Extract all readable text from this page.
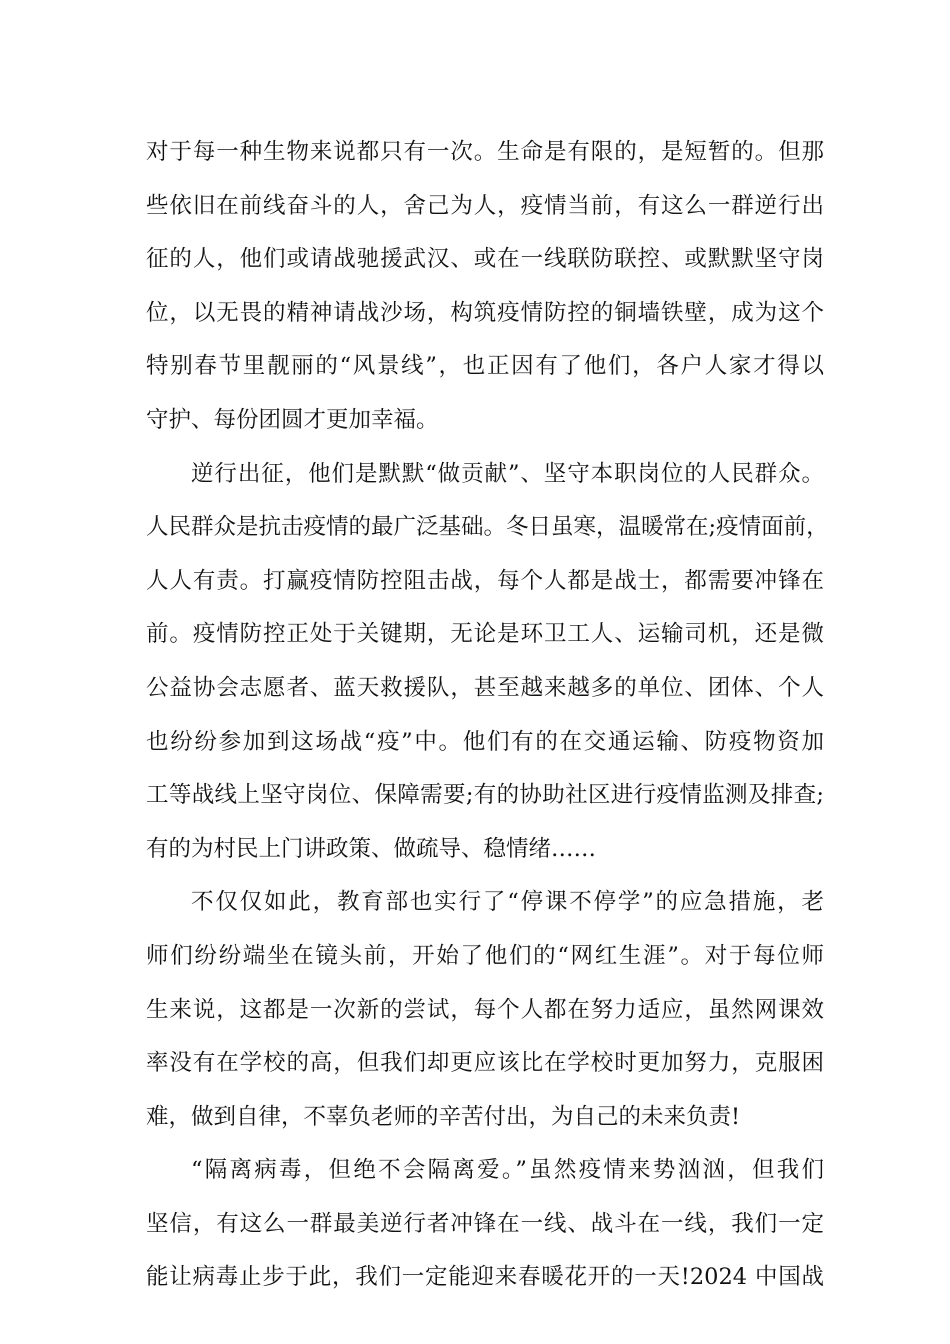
对于每一种生物来说都只有一次。生命是有限的，是短暂的。但那
些依旧在前线奋斗的人，舍己为人，疫情当前，有这么一群逆行出
征的人，他们或请战驰援武汉、或在一线联防联控、或默默坚守岗
位，以无畏的精神请战沙场，构筑疫情防控的铜墙铁壁，成为这个
特别春节里靓丽的“风景线”，也正因有了他们，各户人家才得以
守护、每份团圆才更加幸福。
逆行出征，他们是默默“做贡献”、坚守本职岗位的人民群众。
人民群众是抗击疫情的最广泛基础。冬日虽寒，温暖常在;疫情面前，
人人有责。打赢疫情防控阻击战，每个人都是战士，都需要冲锋在
前。疫情防控正处于关键期，无论是环卫工人、运输司机，还是微
公益协会志愿者、蓝天救援队，甚至越来越多的单位、团体、个人
也纷纷参加到这场战“疫”中。他们有的在交通运输、防疫物资加
工等战线上坚守岗位、保障需要;有的协助社区进行疫情监测及排查;
有的为村民上门讲政策、做疏导、稳情绪……
不仅仅如此，教育部也实行了“停课不停学”的应急措施，老
师们纷纷端坐在镜头前，开始了他们的“网红生涯”。对于每位师
生来说，这都是一次新的尝试，每个人都在努力适应，虽然网课效
率没有在学校的高，但我们却更应该比在学校时更加努力，克服困
难，做到自律，不辜负老师的辛苦付出，为自己的未来负责!
“隔离病毒，但绝不会隔离爱。”虽然疫情来势汹汹，但我们
坚信，有这么一群最美逆行者冲锋在一线、战斗在一线，我们一定
能让病毒止步于此，我们一定能迎来春暖花开的一天!2024 中国战
